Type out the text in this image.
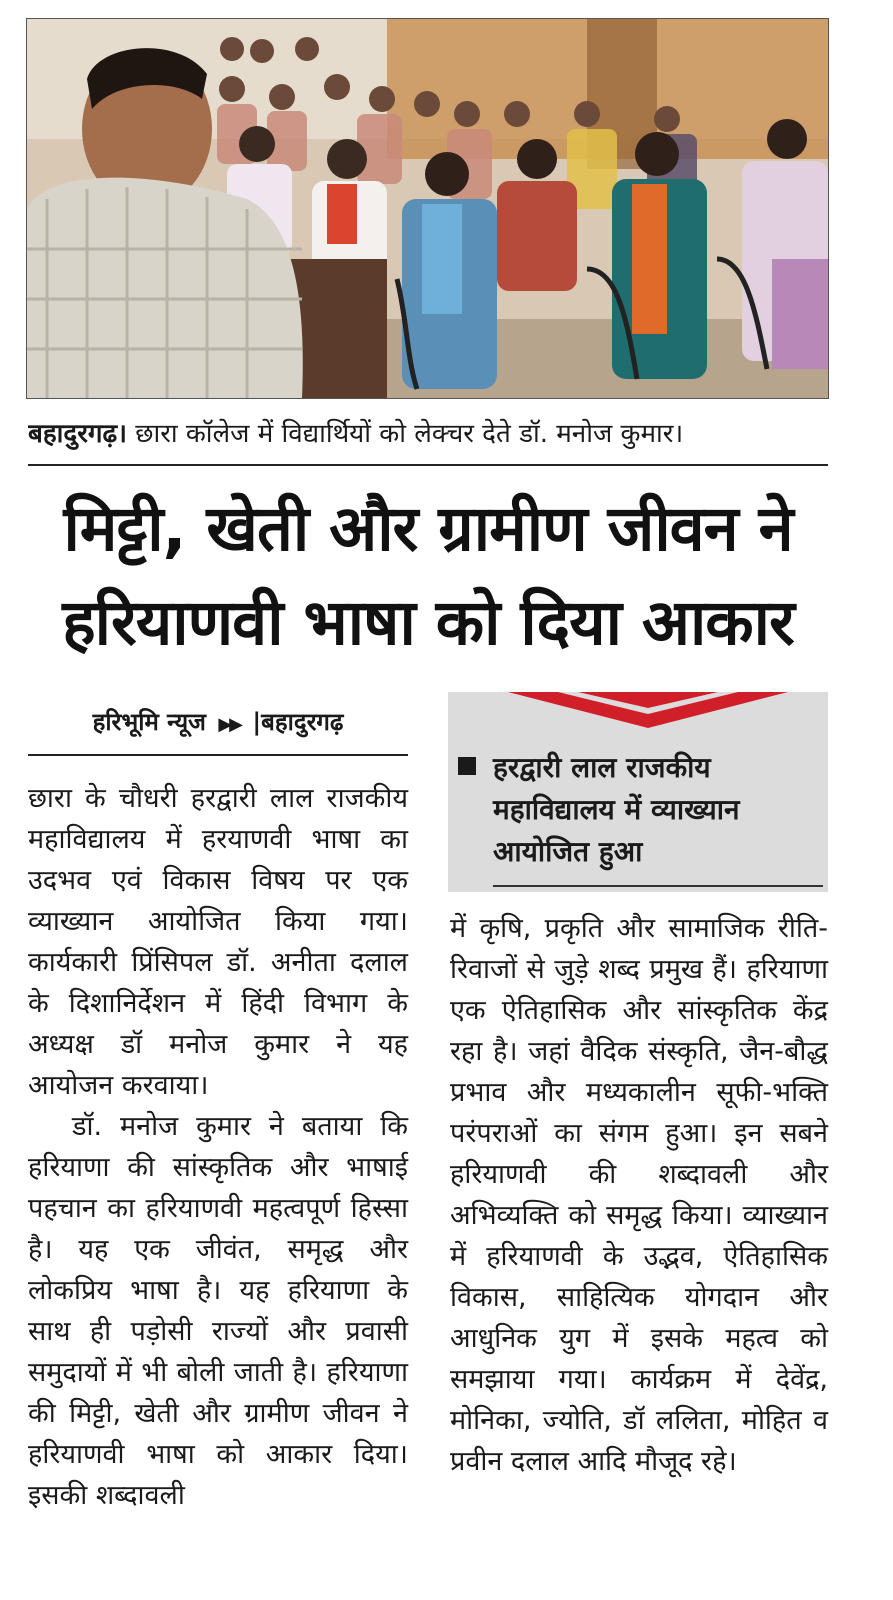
बहादुरगढ़। छारा कॉलेज में विद्यार्थियों को लेक्चर देते डॉ. मनोज कुमार।
मिट्टी, खेती और ग्रामीण जीवन ने
हरियाणवी भाषा को दिया आकार
हरिभूमि न्यूज ▶▶ |बहादुरगढ़

छारा के चौधरी हरद्वारी लाल राजकीय महाविद्यालय में हरयाणवी भाषा का उदभव एवं विकास विषय पर एक व्याख्यान आयोजित किया गया। कार्यकारी प्रिंसिपल डॉ. अनीता दलाल के दिशानिर्देशन में हिंदी विभाग के अध्यक्ष डॉ मनोज कुमार ने यह आयोजन करवाया।

डॉ. मनोज कुमार ने बताया कि हरियाणा की सांस्कृतिक और भाषाई पहचान का हरियाणवी महत्वपूर्ण हिस्सा है। यह एक जीवंत, समृद्ध और लोकप्रिय भाषा है। यह हरियाणा के साथ ही पड़ोसी राज्यों और प्रवासी समुदायों में भी बोली जाती है। हरियाणा की मिट्टी, खेती और ग्रामीण जीवन ने हरियाणवी भाषा को आकार दिया। इसकी शब्दावली

हरद्वारी लाल राजकीय महाविद्यालय में व्याख्यान आयोजित हुआ

में कृषि, प्रकृति और सामाजिक रीति-रिवाजों से जुड़े शब्द प्रमुख हैं। हरियाणा एक ऐतिहासिक और सांस्कृतिक केंद्र रहा है। जहां वैदिक संस्कृति, जैन-बौद्ध प्रभाव और मध्यकालीन सूफी-भक्ति परंपराओं का संगम हुआ। इन सबने हरियाणवी की शब्दावली और अभिव्यक्ति को समृद्ध किया। व्याख्यान में हरियाणवी के उद्भव, ऐतिहासिक विकास, साहित्यिक योगदान और आधुनिक युग में इसके महत्व को समझाया गया। कार्यक्रम में देवेंद्र, मोनिका, ज्योति, डॉ ललिता, मोहित व प्रवीन दलाल आदि मौजूद रहे।
